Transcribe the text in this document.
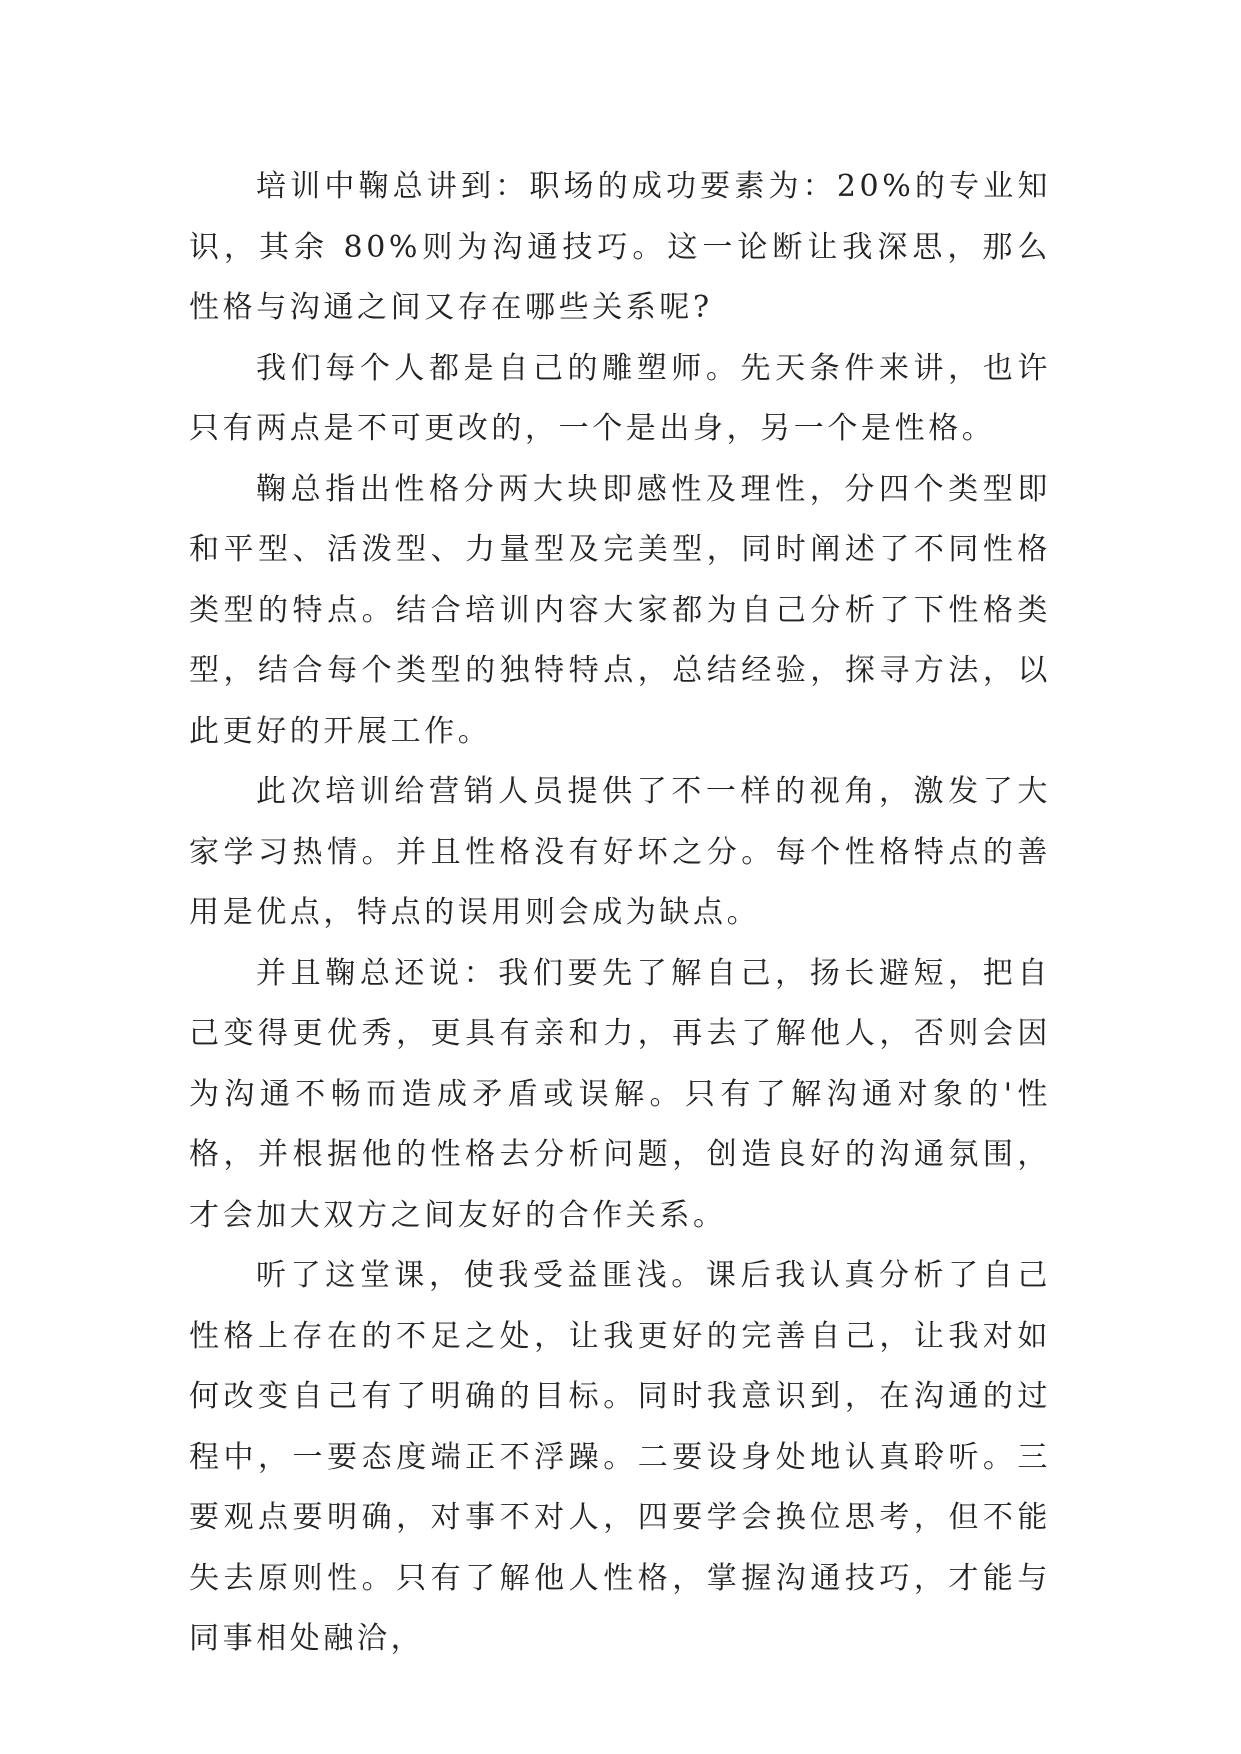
培训中鞠总讲到：职场的成功要素为：20%的专业知识，其余 80%则为沟通技巧。这一论断让我深思，那么性格与沟通之间又存在哪些关系呢?

我们每个人都是自己的雕塑师。先天条件来讲，也许只有两点是不可更改的，一个是出身，另一个是性格。

鞠总指出性格分两大块即感性及理性，分四个类型即和平型、活泼型、力量型及完美型，同时阐述了不同性格类型的特点。结合培训内容大家都为自己分析了下性格类型，结合每个类型的独特特点，总结经验，探寻方法，以此更好的开展工作。

此次培训给营销人员提供了不一样的视角，激发了大家学习热情。并且性格没有好坏之分。每个性格特点的善用是优点，特点的误用则会成为缺点。

并且鞠总还说：我们要先了解自己，扬长避短，把自己变得更优秀，更具有亲和力，再去了解他人，否则会因为沟通不畅而造成矛盾或误解。只有了解沟通对象的'性格，并根据他的性格去分析问题，创造良好的沟通氛围，才会加大双方之间友好的合作关系。

听了这堂课，使我受益匪浅。课后我认真分析了自己性格上存在的不足之处，让我更好的完善自己，让我对如何改变自己有了明确的目标。同时我意识到，在沟通的过程中，一要态度端正不浮躁。二要设身处地认真聆听。三要观点要明确，对事不对人，四要学会换位思考，但不能失去原则性。只有了解他人性格，掌握沟通技巧，才能与同事相处融洽，
